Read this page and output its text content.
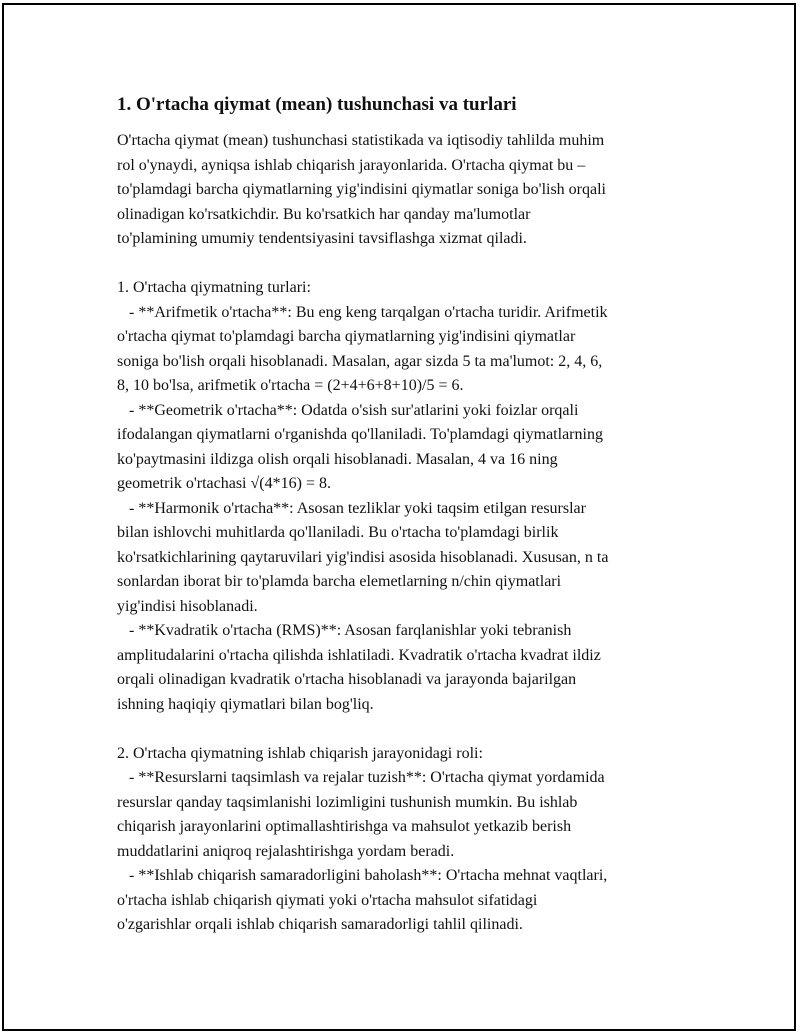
1. O'rtacha qiymat (mean) tushunchasi va turlari
O'rtacha qiymat (mean) tushunchasi statistikada va iqtisodiy tahlilda muhim
rol o'ynaydi, ayniqsa ishlab chiqarish jarayonlarida. O'rtacha qiymat bu –
to'plamdagi barcha qiymatlarning yig'indisini qiymatlar soniga bo'lish orqali
olinadigan ko'rsatkichdir. Bu ko'rsatkich har qanday ma'lumotlar
to'plamining umumiy tendentsiyasini tavsiflashga xizmat qiladi.
1. O'rtacha qiymatning turlari:
- **Arifmetik o'rtacha**: Bu eng keng tarqalgan o'rtacha turidir. Arifmetik
o'rtacha qiymat to'plamdagi barcha qiymatlarning yig'indisini qiymatlar
soniga bo'lish orqali hisoblanadi. Masalan, agar sizda 5 ta ma'lumot: 2, 4, 6,
8, 10 bo'lsa, arifmetik o'rtacha = (2+4+6+8+10)/5 = 6.
- **Geometrik o'rtacha**: Odatda o'sish sur'atlarini yoki foizlar orqali
ifodalangan qiymatlarni o'rganishda qo'llaniladi. To'plamdagi qiymatlarning
ko'paytmasini ildizga olish orqali hisoblanadi. Masalan, 4 va 16 ning
geometrik o'rtachasi √(4*16) = 8.
- **Harmonik o'rtacha**: Asosan tezliklar yoki taqsim etilgan resurslar
bilan ishlovchi muhitlarda qo'llaniladi. Bu o'rtacha to'plamdagi birlik
ko'rsatkichlarining qaytaruvilari yig'indisi asosida hisoblanadi. Xususan, n ta
sonlardan iborat bir to'plamda barcha elemetlarning n/chin qiymatlari
yig'indisi hisoblanadi.
- **Kvadratik o'rtacha (RMS)**: Asosan farqlanishlar yoki tebranish
amplitudalarini o'rtacha qilishda ishlatiladi. Kvadratik o'rtacha kvadrat ildiz
orqali olinadigan kvadratik o'rtacha hisoblanadi va jarayonda bajarilgan
ishning haqiqiy qiymatlari bilan bog'liq.
2. O'rtacha qiymatning ishlab chiqarish jarayonidagi roli:
- **Resurslarni taqsimlash va rejalar tuzish**: O'rtacha qiymat yordamida
resurslar qanday taqsimlanishi lozimligini tushunish mumkin. Bu ishlab
chiqarish jarayonlarini optimallashtirishga va mahsulot yetkazib berish
muddatlarini aniqroq rejalashtirishga yordam beradi.
- **Ishlab chiqarish samaradorligini baholash**: O'rtacha mehnat vaqtlari,
o'rtacha ishlab chiqarish qiymati yoki o'rtacha mahsulot sifatidagi
o'zgarishlar orqali ishlab chiqarish samaradorligi tahlil qilinadi.
